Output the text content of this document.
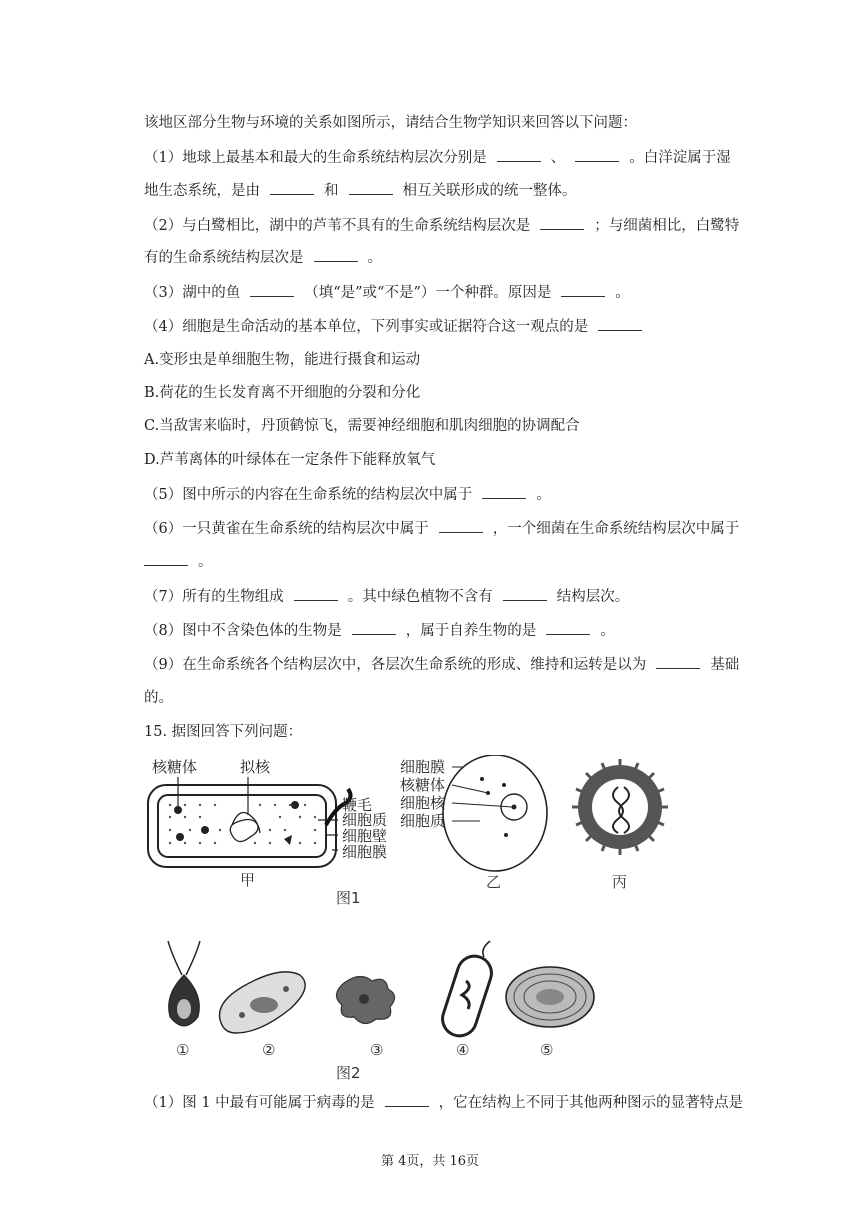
该地区部分生物与环境的关系如图所示，请结合生物学知识来回答以下问题：
（1）地球上最基本和最大的生命系统结构层次分别是	、	。白洋淀属于湿
地生态系统，是由	和	相互关联形成的统一整体。
（2）与白鹭相比，湖中的芦苇不具有的生命系统结构层次是	；与细菌相比，白鹭特
有的生命系统结构层次是	。
（3）湖中的鱼	（填“是”或“不是”）一个种群。原因是	。
（4）细胞是生命活动的基本单位，下列事实或证据符合这一观点的是
A.变形虫是单细胞生物，能进行摄食和运动
B.荷花的生长发育离不开细胞的分裂和分化
C.当敌害来临时，丹顶鹤惊飞，需要神经细胞和肌肉细胞的协调配合
D.芦苇离体的叶绿体在一定条件下能释放氧气
（5）图中所示的内容在生命系统的结构层次中属于	。
（6）一只黄雀在生命系统的结构层次中属于	，一个细菌在生命系统结构层次中属于
。
（7）所有的生物组成	。其中绿色植物不含有	结构层次。
（8）图中不含染色体的生物是	，属于自养生物的是	。
（9）在生命系统各个结构层次中，各层次生命系统的形成、维持和运转是以为	基础
的。
15. 据图回答下列问题：
核糖体	拟核
鞭毛
细胞质
细胞壁
细胞膜
细胞膜
核糖体
细胞核
细胞质
甲	乙	丙
图1
①	②	③	④	⑤
图2
（1）图 1 中最有可能属于病毒的是	，它在结构上不同于其他两种图示的显著特点是
第 4页，共 16页
